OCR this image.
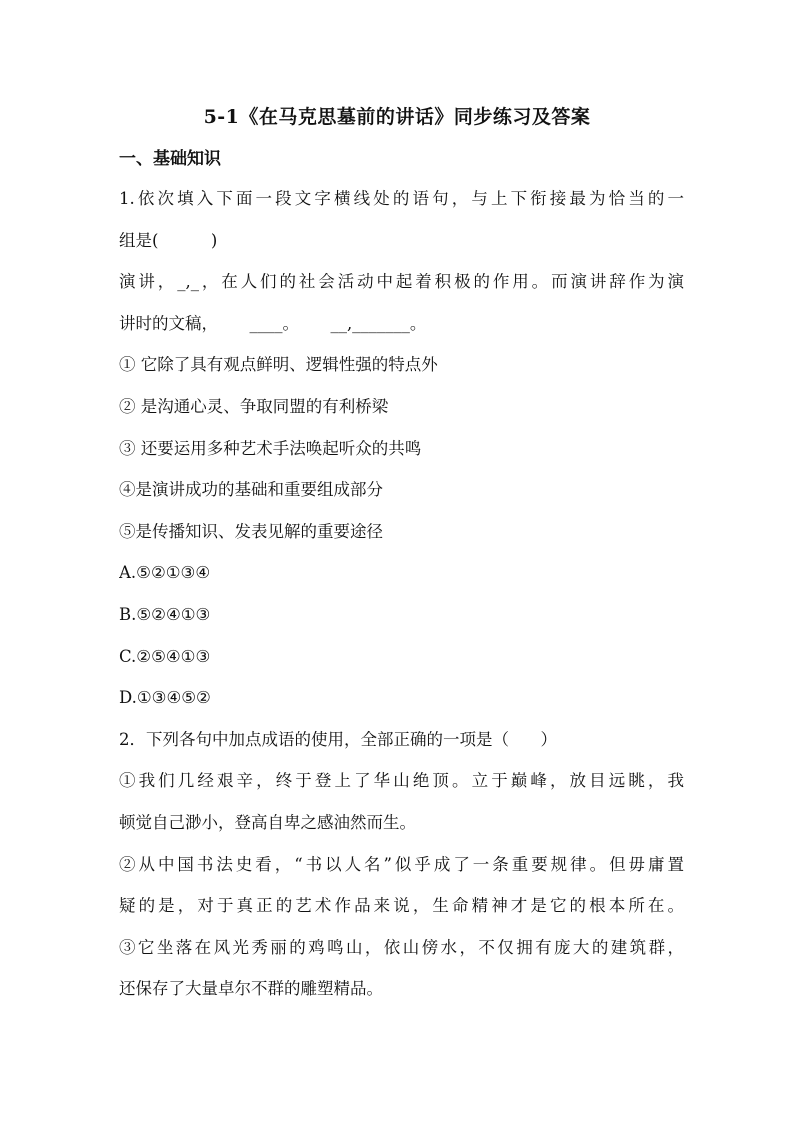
5-1《在马克思墓前的讲话》同步练习及答案
一、基础知识
1.依次填入下面一段文字横线处的语句，与上下衔接最为恰当的一
组是(          )
演讲，_,_，在人们的社会活动中起着积极的作用。而演讲辞作为演
讲时的文稿，      ____。      __,_______。
① 它除了具有观点鲜明、逻辑性强的特点外
② 是沟通心灵、争取同盟的有利桥梁
③ 还要运用多种艺术手法唤起听众的共鸣
④是演讲成功的基础和重要组成部分
⑤是传播知识、发表见解的重要途径
A.⑤②①③④
B.⑤②④①③
C.②⑤④①③
D.①③④⑤②
2．下列各句中加点成语的使用，全部正确的一项是（      ）
①我们几经艰辛，终于登上了华山绝顶。立于巅峰，放目远眺，我
顿觉自己渺小，登高自卑之感油然而生。
②从中国书法史看，“书以人名”似乎成了一条重要规律。但毋庸置
疑的是，对于真正的艺术作品来说，生命精神才是它的根本所在。
③它坐落在风光秀丽的鸡鸣山，依山傍水，不仅拥有庞大的建筑群，
还保存了大量卓尔不群的雕塑精品。
